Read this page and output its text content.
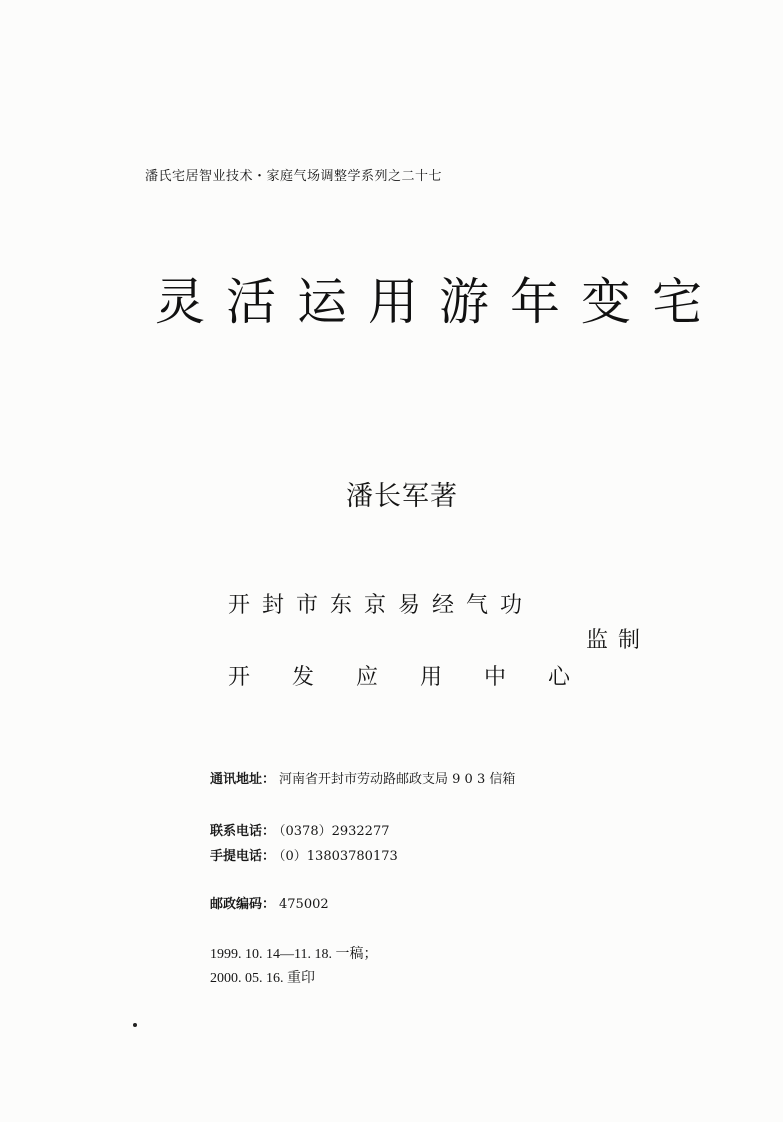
潘氏宅居智业技术・家庭气场调整学系列之二十七
灵活运用游年变宅
潘长军著
开封市东京易经气功
监制
开发应用中心
通讯地址： 河南省开封市劳动路邮政支局 9 0 3 信箱
联系电话： （0378）2932277
手提电话： （0）13803780173
邮政编码： 475002
1999. 10. 14—11. 18. 一稿；
2000. 05. 16. 重印
